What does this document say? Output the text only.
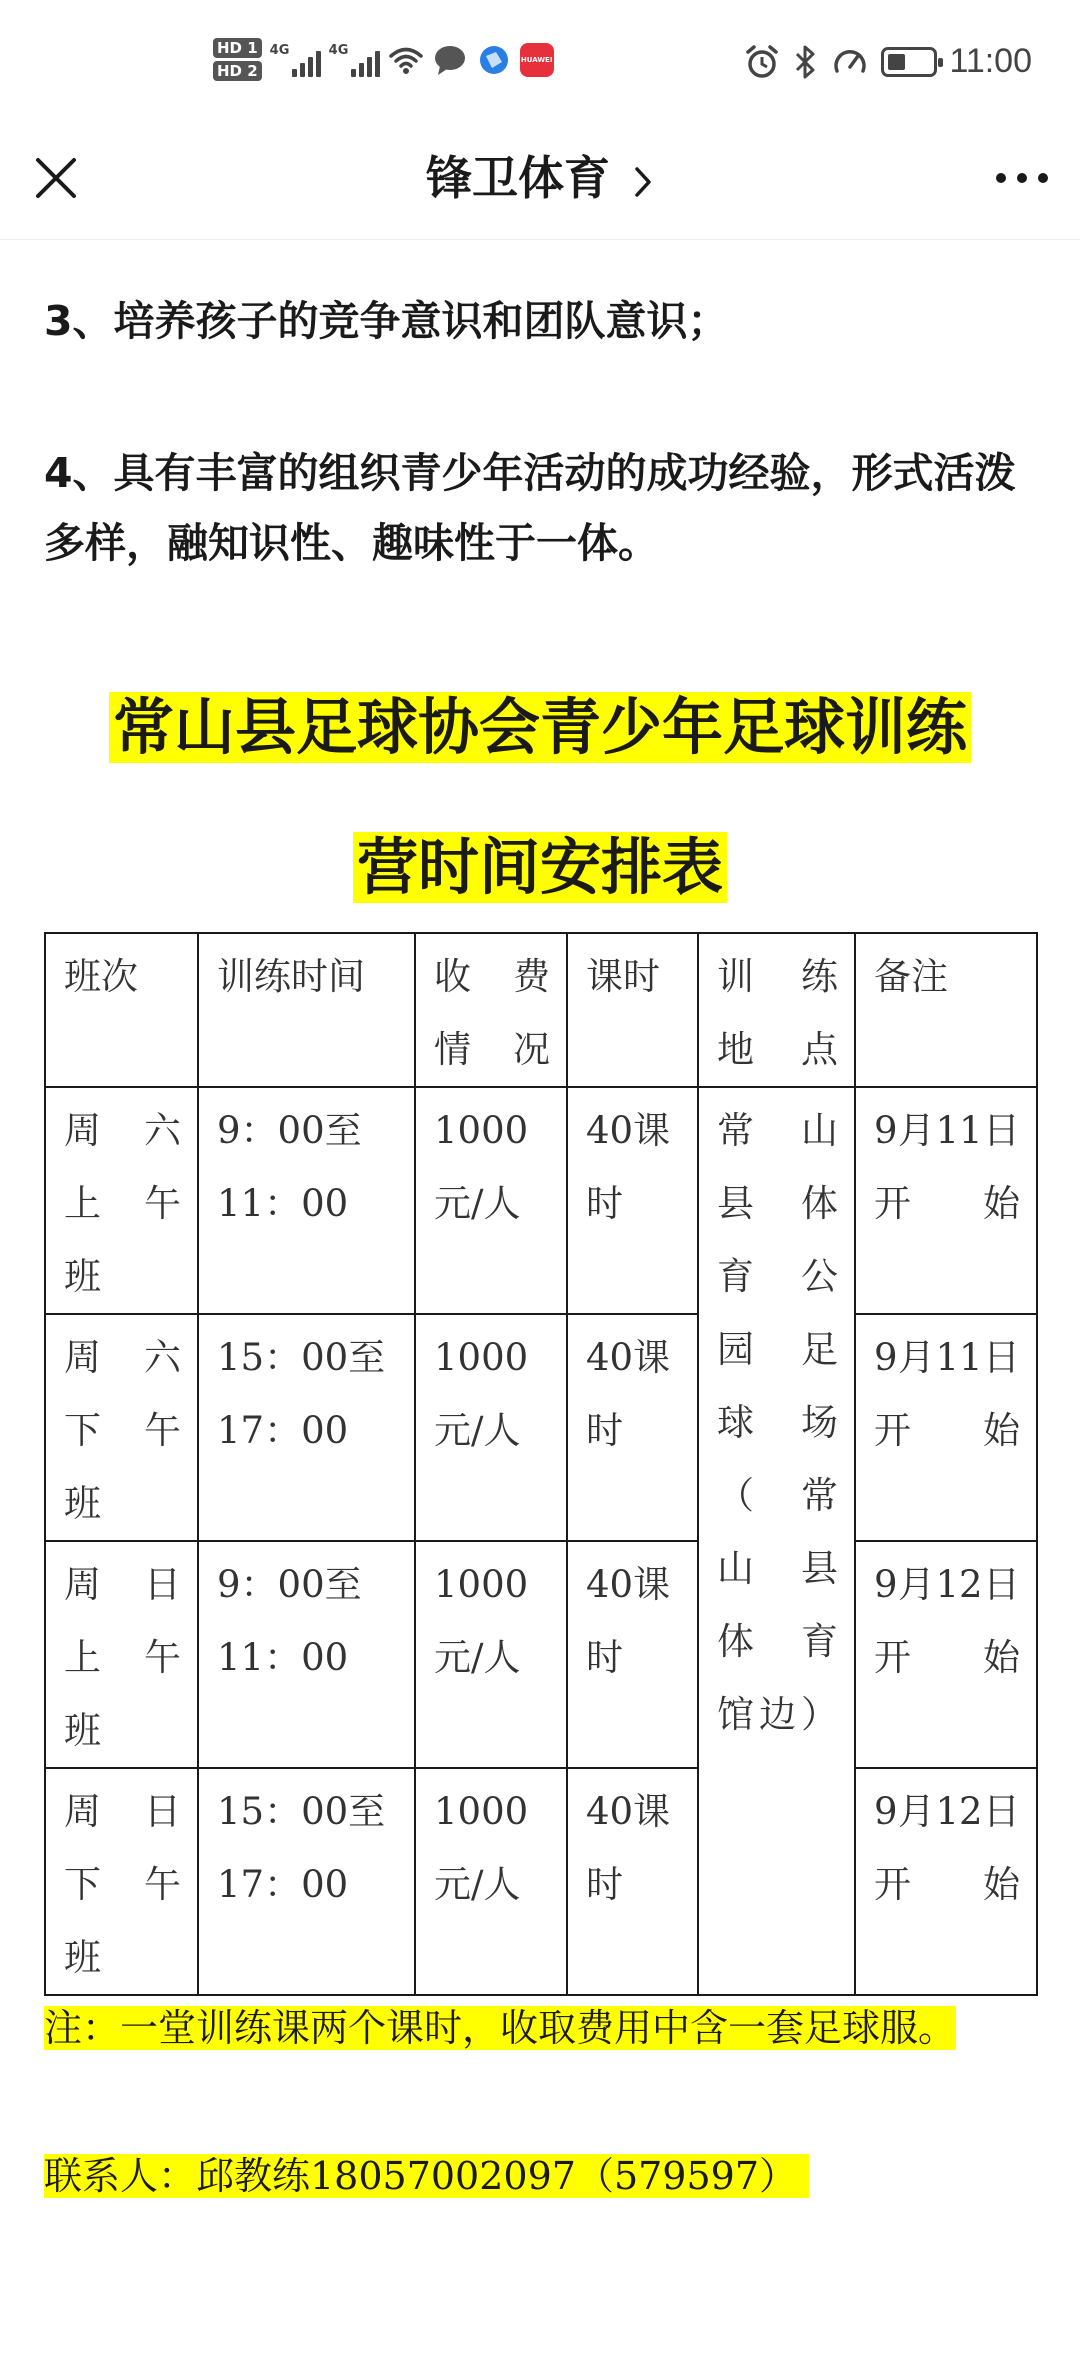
HD 1
HD 2
4G	4G
HUAWEI	11:00
锋卫体育
3、培养孩子的竞争意识和团队意识；
4、具有丰富的组织青少年活动的成功经验，形式活泼多样，融知识性、趣味性于一体。
常山县足球协会青少年足球训练
营时间安排表
班次	训练时间	收　费情况	课时	训　练地点	备注
周　六上　午班	9：00至11：00	1000元/人	40课时	常　山县　体育　公园　足球　场（　常山　县体　育馆边）	9月11日开始
周　六下　午班	15：00至17：00	1000元/人	40课时		9月11日开始
周　日上　午班	9：00至11：00	1000元/人	40课时		9月12日开始
周　日下　午班	15：00至17：00	1000元/人	40课时		9月12日开始
注：一堂训练课两个课时，收取费用中含一套足球服。
联系人：邱教练18057002097（579597）
